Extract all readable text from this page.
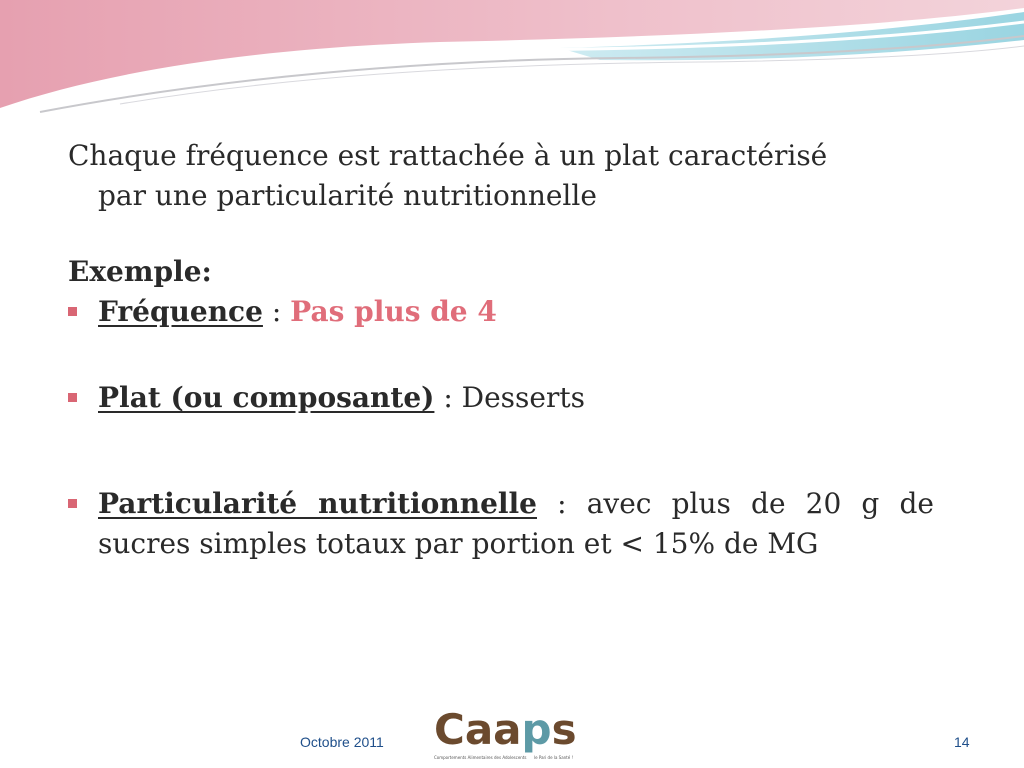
Chaque fréquence est rattachée à un plat caractérisé
par une particularité nutritionnelle

Exemple:
Fréquence : Pas plus de 4
Plat (ou composante) : Desserts
Particularité nutritionnelle : avec plus de 20 g de sucres simples totaux par portion et < 15% de MG
Octobre 2011 Caaps
Comportements Alimentaires des Adolescents le Pari de la Santé !
14
